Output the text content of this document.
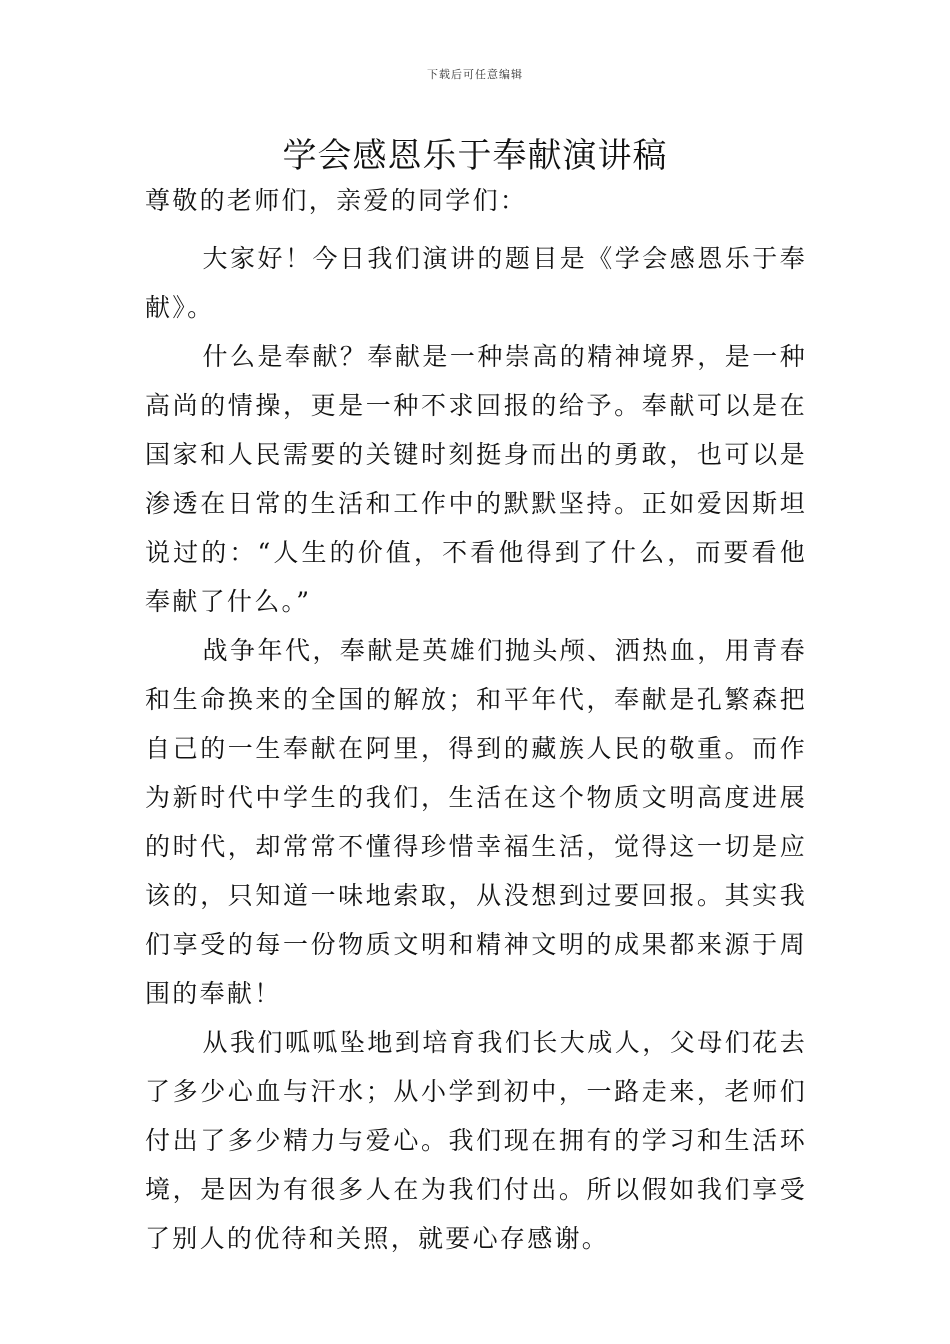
下载后可任意编辑
学会感恩乐于奉献演讲稿

尊敬的老师们，亲爱的同学们：

大家好！今日我们演讲的题目是《学会感恩乐于奉献》。

什么是奉献？奉献是一种崇高的精神境界，是一种高尚的情操，更是一种不求回报的给予。奉献可以是在国家和人民需要的关键时刻挺身而出的勇敢，也可以是渗透在日常的生活和工作中的默默坚持。正如爱因斯坦说过的：“人生的价值，不看他得到了什么，而要看他奉献了什么。”

战争年代，奉献是英雄们抛头颅、洒热血，用青春和生命换来的全国的解放；和平年代，奉献是孔繁森把自己的一生奉献在阿里，得到的藏族人民的敬重。而作为新时代中学生的我们，生活在这个物质文明高度进展的时代，却常常不懂得珍惜幸福生活，觉得这一切是应该的，只知道一味地索取，从没想到过要回报。其实我们享受的每一份物质文明和精神文明的成果都来源于周围的奉献！

从我们呱呱坠地到培育我们长大成人，父母们花去了多少心血与汗水；从小学到初中，一路走来，老师们付出了多少精力与爱心。我们现在拥有的学习和生活环境，是因为有很多人在为我们付出。所以假如我们享受了别人的优待和关照，就要心存感谢。
